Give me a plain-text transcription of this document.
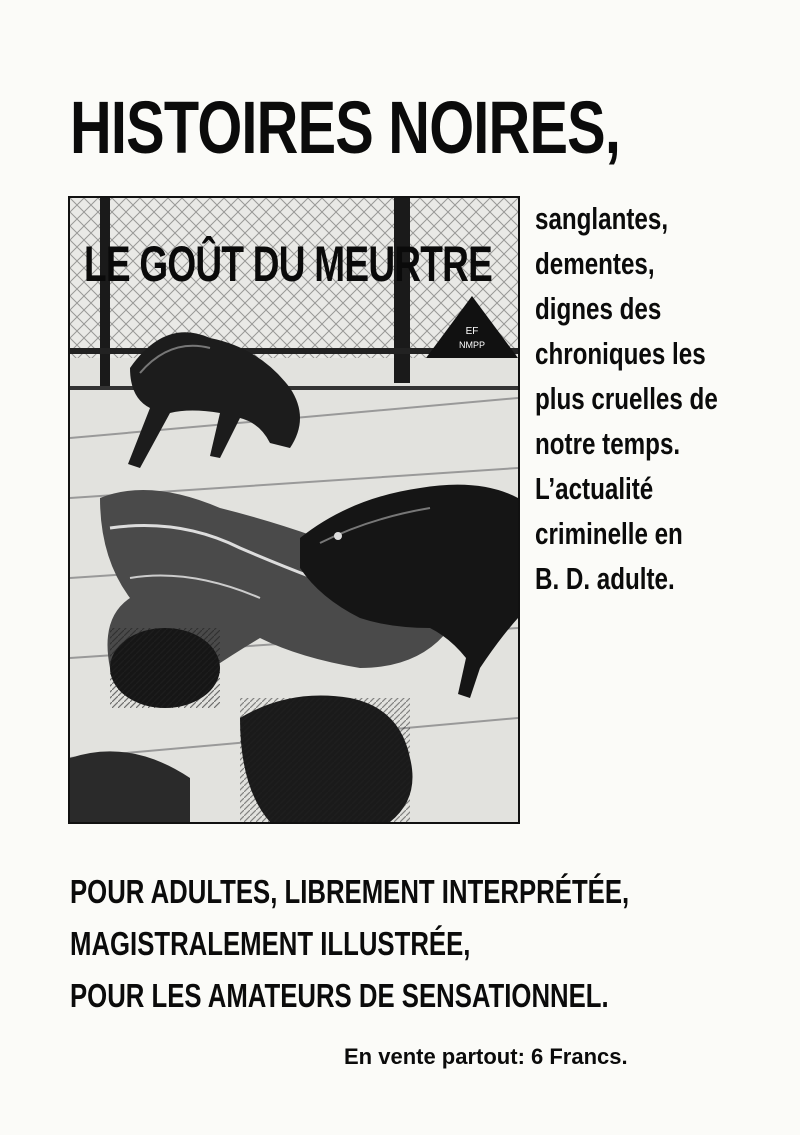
HISTOIRES NOIRES,
LE GOÛT DU MEURTRE
EF
NMPP
sanglantes,
dementes,
dignes des
chroniques les
plus cruelles de
notre temps.
L’actualité
criminelle en
B. D. adulte.
POUR ADULTES, LIBREMENT INTERPRÉTÉE,
MAGISTRALEMENT ILLUSTRÉE,
POUR LES AMATEURS DE SENSATIONNEL.
En vente partout: 6 Francs.
